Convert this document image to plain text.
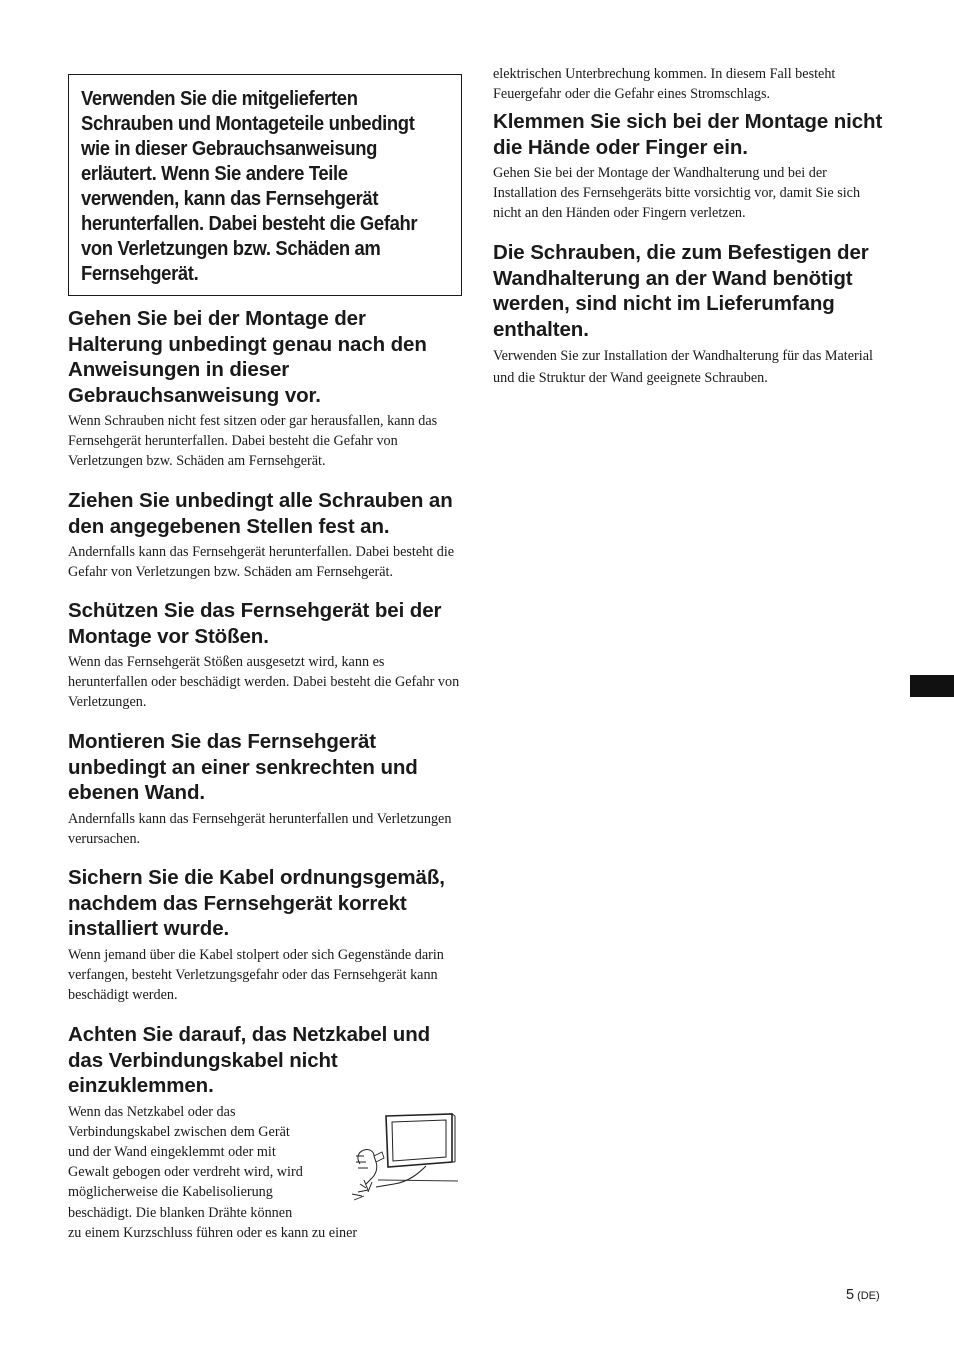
Verwenden Sie die mitgelieferten Schrauben und Montageteile unbedingt wie in dieser Gebrauchsanweisung erläutert. Wenn Sie andere Teile verwenden, kann das Fernsehgerät herunterfallen. Dabei besteht die Gefahr von Verletzungen bzw. Schäden am Fernsehgerät.
Gehen Sie bei der Montage der Halterung unbedingt genau nach den Anweisungen in dieser Gebrauchsanweisung vor.

Wenn Schrauben nicht fest sitzen oder gar herausfallen, kann das Fernsehgerät herunterfallen. Dabei besteht die Gefahr von Verletzungen bzw. Schäden am Fernsehgerät.

Ziehen Sie unbedingt alle Schrauben an den angegebenen Stellen fest an.

Andernfalls kann das Fernsehgerät herunterfallen. Dabei besteht die Gefahr von Verletzungen bzw. Schäden am Fernsehgerät.

Schützen Sie das Fernsehgerät bei der Montage vor Stößen.

Wenn das Fernsehgerät Stößen ausgesetzt wird, kann es herunterfallen oder beschädigt werden. Dabei besteht die Gefahr von Verletzungen.

Montieren Sie das Fernsehgerät unbedingt an einer senkrechten und ebenen Wand.

Andernfalls kann das Fernsehgerät herunterfallen und Verletzungen verursachen.

Sichern Sie die Kabel ordnungsgemäß, nachdem das Fernsehgerät korrekt installiert wurde.

Wenn jemand über die Kabel stolpert oder sich Gegenstände darin verfangen, besteht Verletzungsgefahr oder das Fernsehgerät kann beschädigt werden.

Achten Sie darauf, das Netzkabel und das Verbindungskabel nicht einzuklemmen.

Wenn das Netzkabel oder das
Verbindungskabel zwischen dem Gerät
und der Wand eingeklemmt oder mit
Gewalt gebogen oder verdreht wird, wird
möglicherweise die Kabelisolierung
beschädigt. Die blanken Drähte können
zu einem Kurzschluss führen oder es kann zu einer

elektrischen Unterbrechung kommen. In diesem Fall besteht Feuergefahr oder die Gefahr eines Stromschlags.

Klemmen Sie sich bei der Montage nicht die Hände oder Finger ein.

Gehen Sie bei der Montage der Wandhalterung und bei der Installation des Fernsehgeräts bitte vorsichtig vor, damit Sie sich nicht an den Händen oder Fingern verletzen.

Die Schrauben, die zum Befestigen der Wandhalterung an der Wand benötigt werden, sind nicht im Lieferumfang enthalten.

Verwenden Sie zur Installation der Wandhalterung für das Material und die Struktur der Wand geeignete Schrauben.

5 (DE)
